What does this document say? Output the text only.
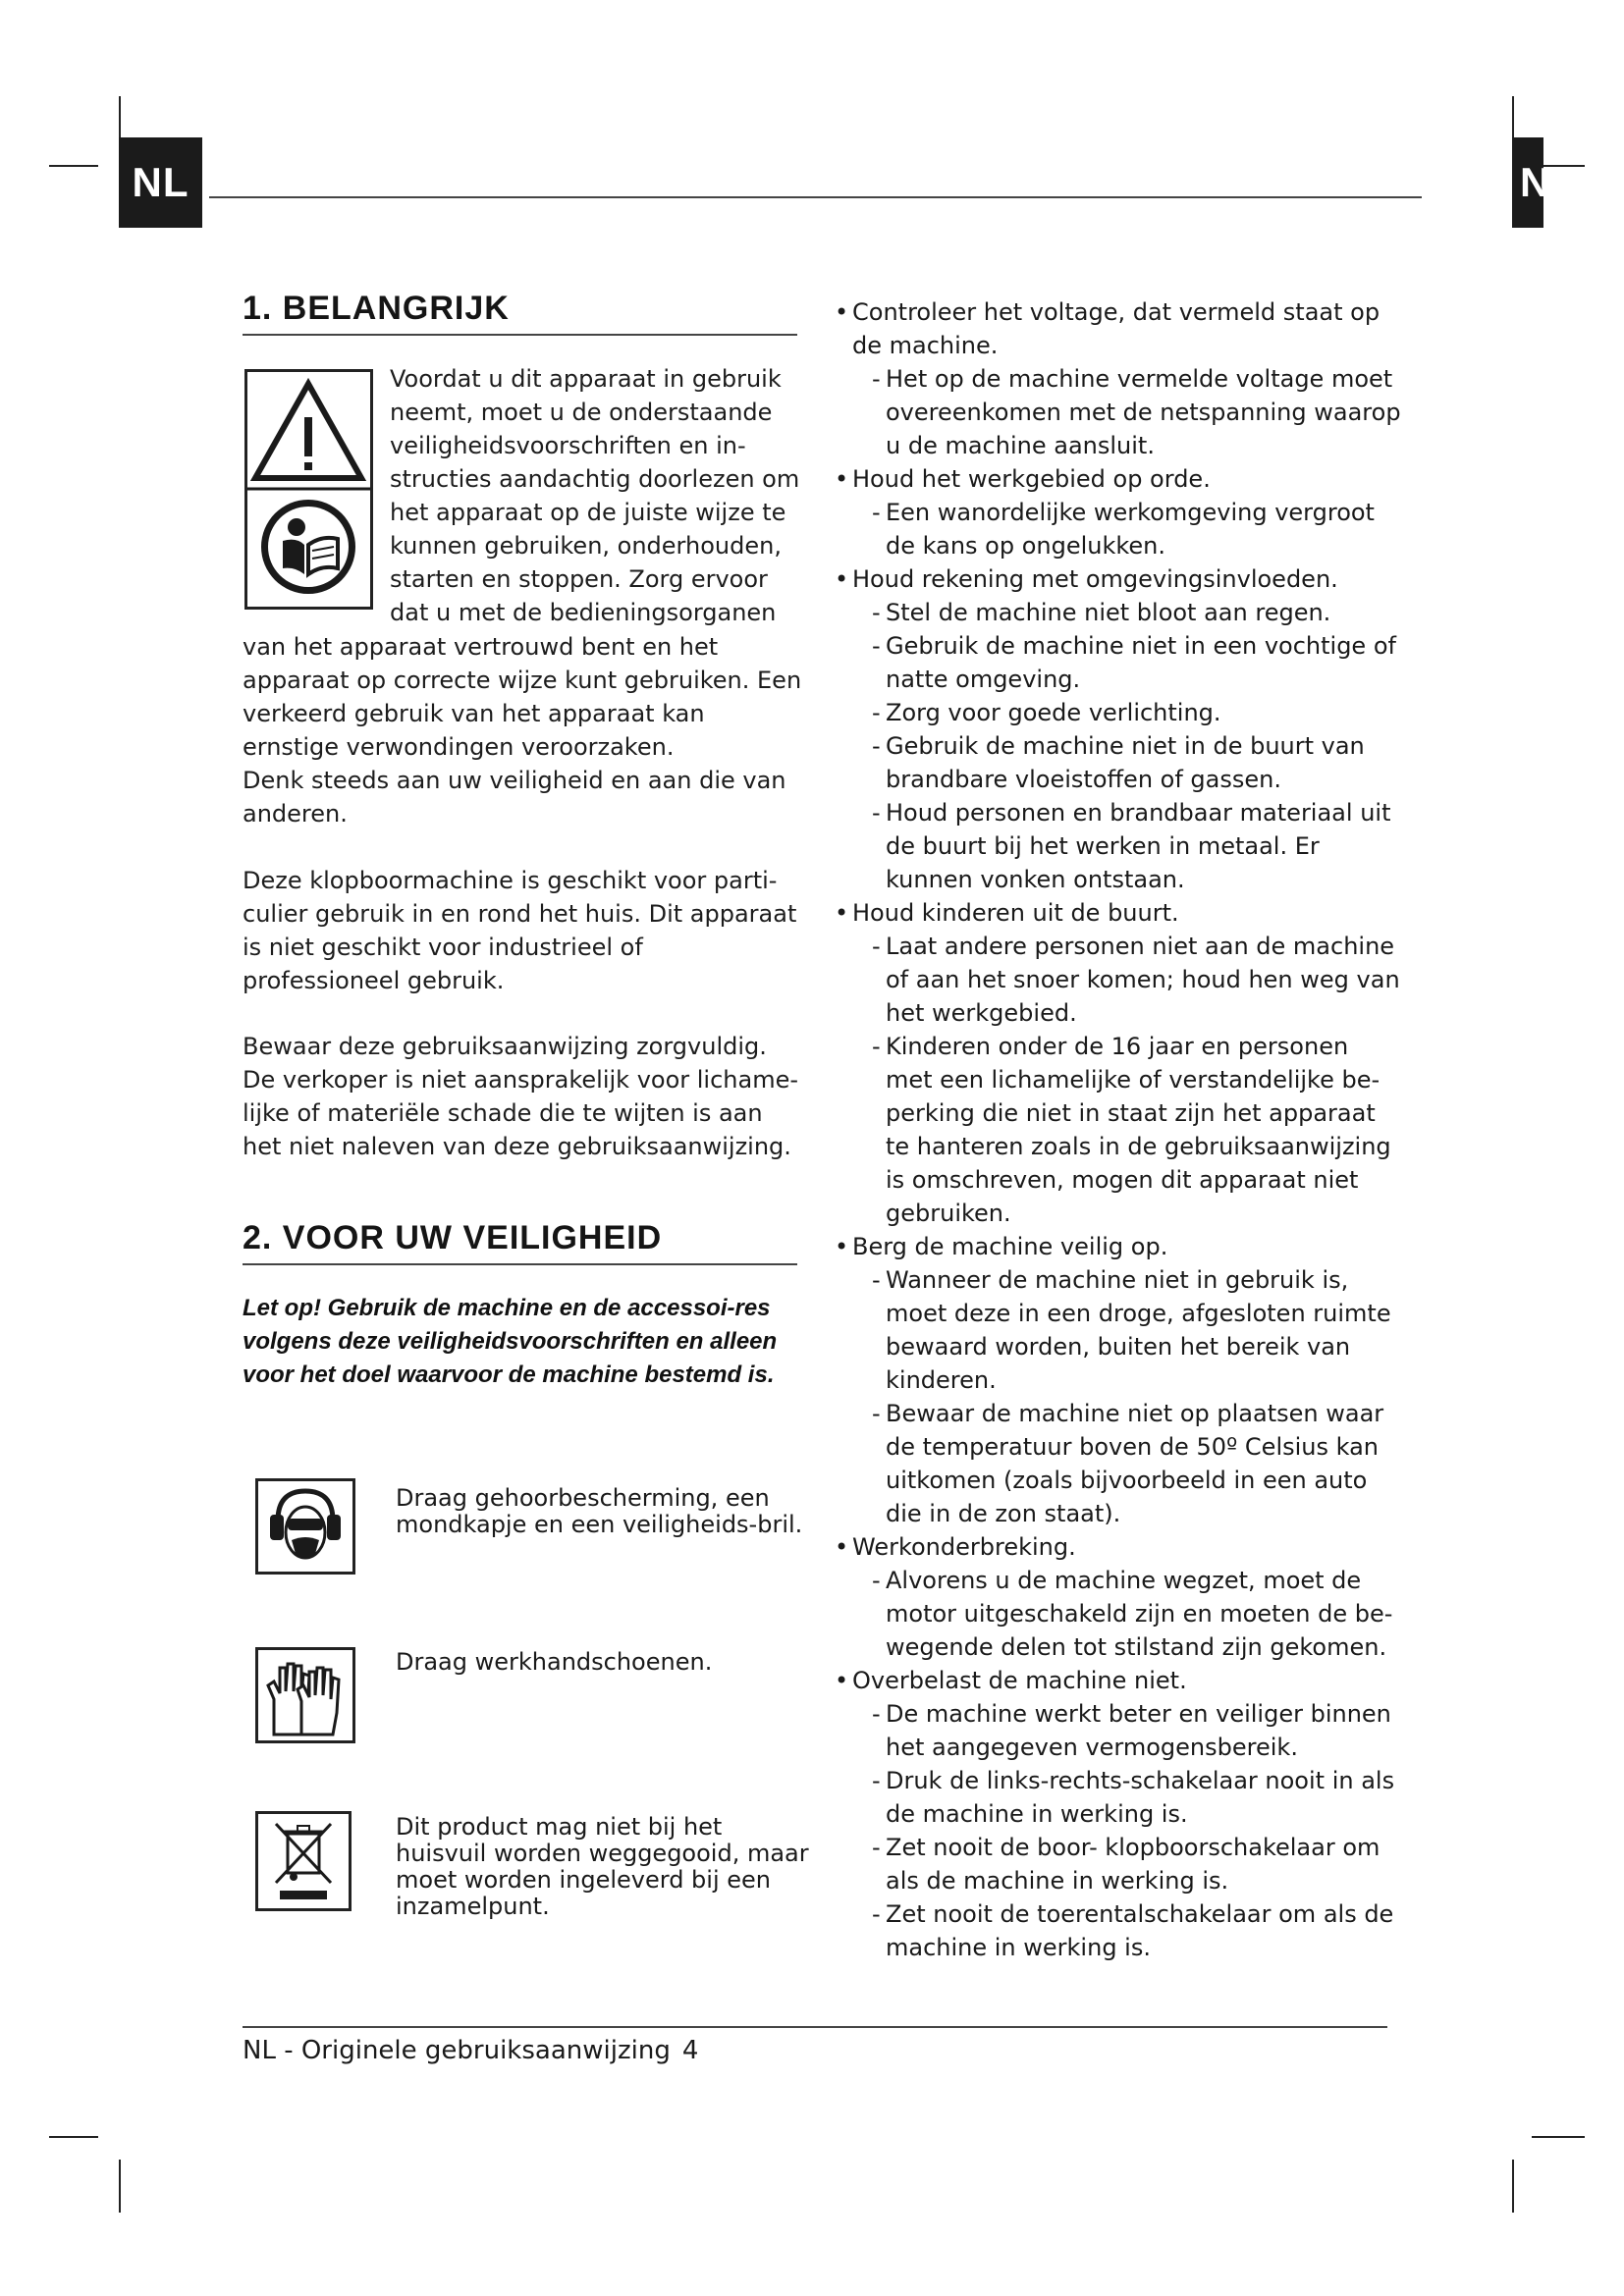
NL	N
1. BELANGRIJK
Voordat u dit apparaat in gebruik neemt, moet u de onderstaande veiligheidsvoorschriften en in-structies aandachtig doorlezen om het apparaat op de juiste wijze te kunnen gebruiken, onderhouden, starten en stoppen. Zorg ervoor dat u met de bedieningsorganen

van het apparaat vertrouwd bent en het apparaat op correcte wijze kunt gebruiken. Een verkeerd gebruik van het apparaat kan ernstige verwondingen veroorzaken.

Denk steeds aan uw veiligheid en aan die van anderen.

Deze klopboormachine is geschikt voor parti-culier gebruik in en rond het huis. Dit apparaat is niet geschikt voor industrieel of professioneel gebruik.

Bewaar deze gebruiksaanwijzing zorgvuldig.

De verkoper is niet aansprakelijk voor lichame-lijke of materiële schade die te wijten is aan het niet naleven van deze gebruiksaanwijzing.

2. VOOR UW VEILIGHEID
Let op! Gebruik de machine en de accessoi-res volgens deze veiligheidsvoorschriften en alleen voor het doel waarvoor de machine bestemd is.
Draag gehoorbescherming, een mondkapje en een veiligheids-bril.
Draag werkhandschoenen.
Dit product mag niet bij het huisvuil worden weggegooid, maar moet worden ingeleverd bij een inzamelpunt.

• Controleer het voltage, dat vermeld staat op de machine.

- Het op de machine vermelde voltage moet overeenkomen met de netspanning waarop u de machine aansluit.

• Houd het werkgebied op orde.

- Een wanordelijke werkomgeving vergroot de kans op ongelukken.

• Houd rekening met omgevingsinvloeden.

- Stel de machine niet bloot aan regen.

- Gebruik de machine niet in een vochtige of natte omgeving.

- Zorg voor goede verlichting.

- Gebruik de machine niet in de buurt van brandbare vloeistoffen of gassen.

- Houd personen en brandbaar materiaal uit de buurt bij het werken in metaal. Er kunnen vonken ontstaan.

• Houd kinderen uit de buurt.

- Laat andere personen niet aan de machine of aan het snoer komen; houd hen weg van het werkgebied.

- Kinderen onder de 16 jaar en personen met een lichamelijke of verstandelijke be-perking die niet in staat zijn het apparaat te hanteren zoals in de gebruiksaanwijzing is omschreven, mogen dit apparaat niet gebruiken.

• Berg de machine veilig op.

- Wanneer de machine niet in gebruik is, moet deze in een droge, afgesloten ruimte bewaard worden, buiten het bereik van kinderen.

- Bewaar de machine niet op plaatsen waar de temperatuur boven de 50º Celsius kan uitkomen (zoals bijvoorbeeld in een auto die in de zon staat).

• Werkonderbreking.

- Alvorens u de machine wegzet, moet de motor uitgeschakeld zijn en moeten de be-wegende delen tot stilstand zijn gekomen.

• Overbelast de machine niet.

- De machine werkt beter en veiliger binnen het aangegeven vermogensbereik.

- Druk de links-rechts-schakelaar nooit in als de machine in werking is.

- Zet nooit de boor- klopboorschakelaar om als de machine in werking is.

- Zet nooit de toerentalschakelaar om als de machine in werking is.

NL - Originele gebruiksaanwijzing 4
